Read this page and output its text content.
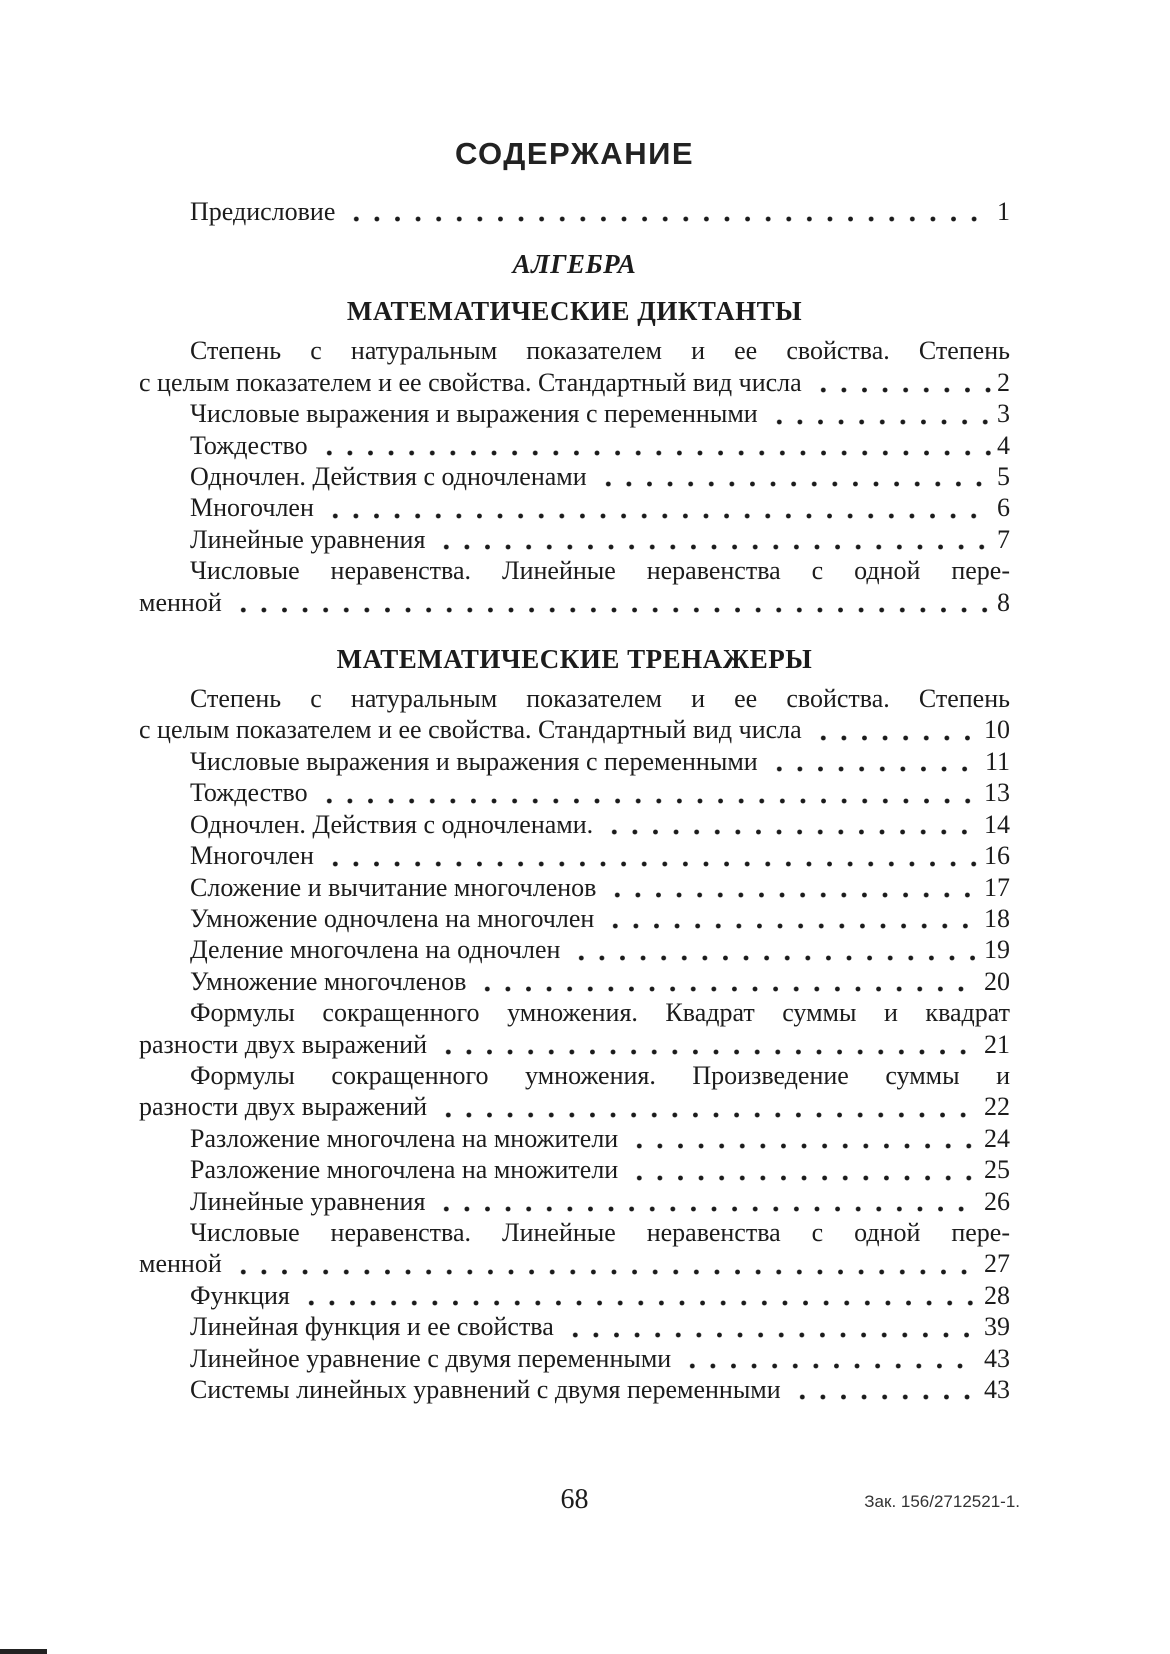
СОДЕРЖАНИЕ
Предисловие	1
АЛГЕБРА
МАТЕМАТИЧЕСКИЕ ДИКТАНТЫ
Степень с натуральным показателем и ее свойства. Степень
с целым показателем и ее свойства. Стандартный вид числа	2
Числовые выражения и выражения с переменными	3
Тождество	4
Одночлен. Действия с одночленами	5
Многочлен	6
Линейные уравнения	7
Числовые неравенства. Линейные неравенства с одной пере-
менной	8
МАТЕМАТИЧЕСКИЕ ТРЕНАЖЕРЫ
Степень с натуральным показателем и ее свойства. Степень
с целым показателем и ее свойства. Стандартный вид числа	10
Числовые выражения и выражения с переменными	11
Тождество	13
Одночлен. Действия с одночленами.	14
Многочлен	16
Сложение и вычитание многочленов	17
Умножение одночлена на многочлен	18
Деление многочлена на одночлен	19
Умножение многочленов	20
Формулы сокращенного умножения. Квадрат суммы и квадрат
разности двух выражений	21
Формулы сокращенного умножения. Произведение суммы и
разности двух выражений	22
Разложение многочлена на множители	24
Разложение многочлена на множители	25
Линейные уравнения	26
Числовые неравенства. Линейные неравенства с одной пере-
менной	27
Функция	28
Линейная функция и ее свойства	39
Линейное уравнение с двумя переменными	43
Системы линейных уравнений с двумя переменными	43
68	Зак. 156/2712521-1.
